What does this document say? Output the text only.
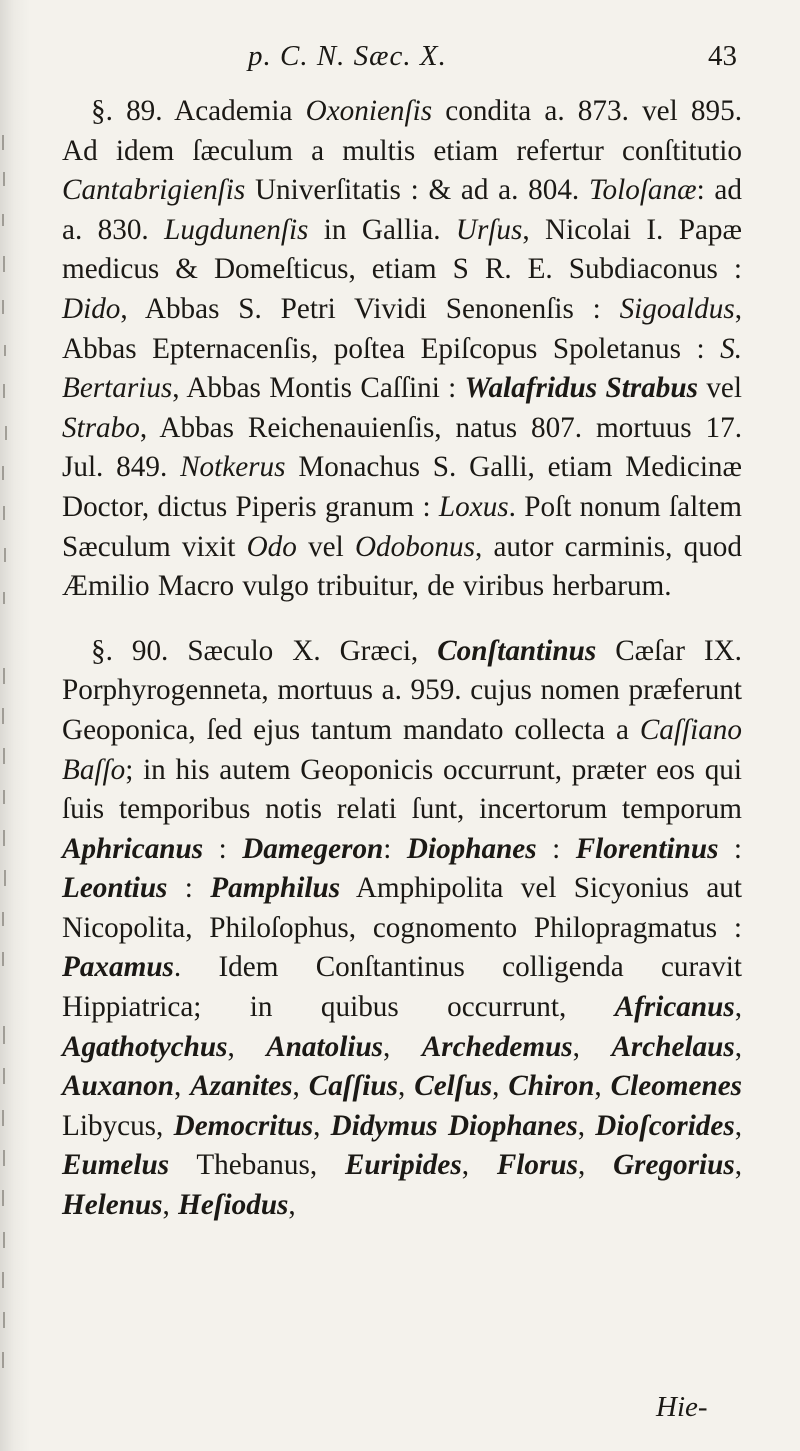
p. C. N. Sæc. X.	43

§. 89. Academia Oxonienſis condita a. 873. vel 895. Ad idem ſæculum a multis etiam refertur conſtitutio Cantabrigienſis Univerſitatis : & ad a. 804. Toloſanæ: ad a. 830. Lugdunenſis in Gallia. Urſus, Nicolai I. Papæ medicus & Domeſticus, etiam S R. E. Subdiaconus : Dido, Abbas S. Petri Vividi Senonenſis : Sigoaldus, Abbas Epternacenſis, poſtea Epiſcopus Spoletanus : S. Bertarius, Abbas Montis Caſſini : Walafridus Strabus vel Strabo, Abbas Reichenauienſis, natus 807. mortuus 17. Jul. 849. Notkerus Monachus S. Galli, etiam Medicinæ Doctor, dictus Piperis granum : Loxus. Poſt nonum ſaltem Sæculum vixit Odo vel Odobonus, autor carminis, quod Æmilio Macro vulgo tribuitur, de viribus herbarum.

§. 90. Sæculo X. Græci, Conſtantinus Cæſar IX. Porphyrogenneta, mortuus a. 959. cujus nomen præferunt Geoponica, ſed ejus tantum mandato collecta a Caſſiano Baſſo; in his autem Geoponicis occurrunt, præter eos qui ſuis temporibus notis relati ſunt, incertorum temporum Aphricanus : Damegeron: Diophanes : Florentinus : Leontius : Pamphilus Amphipolita vel Sicyonius aut Nicopolita, Philoſophus, cognomento Philopragmatus : Paxamus. Idem Conſtantinus colligenda curavit Hippiatrica; in quibus occurrunt, Africanus, Agathotychus, Anatolius, Archedemus, Archelaus, Auxanon, Azanites, Caſſius, Celſus, Chiron, Cleomenes Libycus, Democritus, Didymus Diophanes, Dioſcorides, Eumelus Thebanus, Euripides, Florus, Gregorius, Helenus, Heſiodus,

Hie-
